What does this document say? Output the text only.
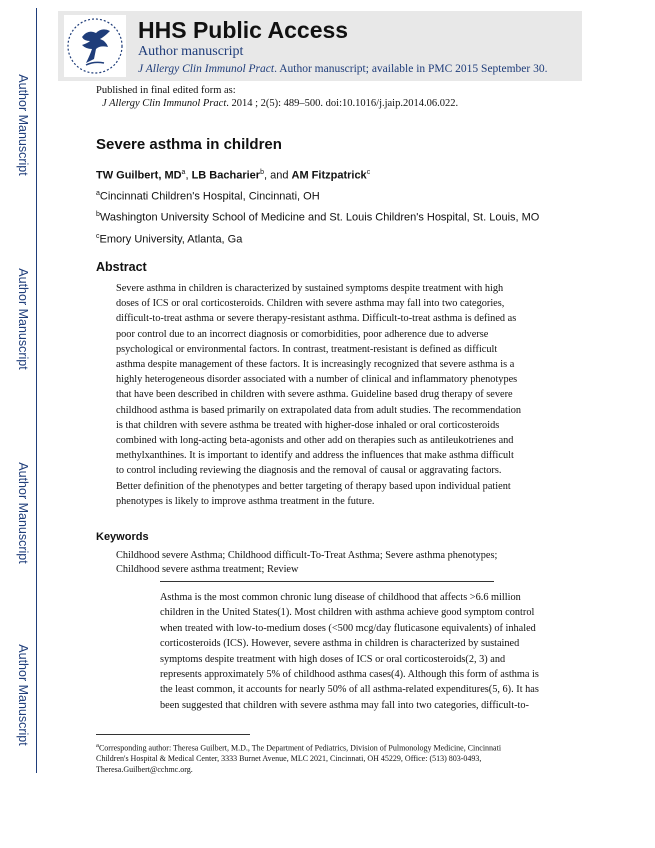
Author Manuscript
Author Manuscript
Author Manuscript
Author Manuscript
HHS Public Access
Author manuscript
J Allergy Clin Immunol Pract. Author manuscript; available in PMC 2015 September 30.
Published in final edited form as:
J Allergy Clin Immunol Pract. 2014 ; 2(5): 489–500. doi:10.1016/j.jaip.2014.06.022.
Severe asthma in children
TW Guilbert, $MD^a$, LB Bacharier$^b$, and AM Fitzpatrick$^c$
$^a$Cincinnati Children's Hospital, Cincinnati, OH
$^b$Washington University School of Medicine and St. Louis Children's Hospital, St. Louis, MO
$^c$Emory University, Atlanta, Ga
Abstract
Severe asthma in children is characterized by sustained symptoms despite treatment with high
doses of ICS or oral corticosteroids. Children with severe asthma may fall into two categories,
difficult-to-treat asthma or severe therapy-resistant asthma. Difficult-to-treat asthma is defined as
poor control due to an incorrect diagnosis or comorbidities, poor adherence due to adverse
psychological or environmental factors. In contrast, treatment-resistant is defined as difficult
asthma despite management of these factors. It is increasingly recognized that severe asthma is a
highly heterogeneous disorder associated with a number of clinical and inflammatory phenotypes
that have been described in children with severe asthma. Guideline based drug therapy of severe
childhood asthma is based primarily on extrapolated data from adult studies. The recommendation
is that children with severe asthma be treated with higher-dose inhaled or oral corticosteroids
combined with long-acting beta-agonists and other add on therapies such as antileukotrienes and
methylxanthines. It is important to identify and address the influences that make asthma difficult
to control including reviewing the diagnosis and the removal of causal or aggravating factors.
Better definition of the phenotypes and better targeting of therapy based upon individual patient
phenotypes is likely to improve asthma treatment in the future.
Keywords
Childhood severe Asthma; Childhood difficult-To-Treat Asthma; Severe asthma phenotypes;
Childhood severe asthma treatment; Review
Asthma is the most common chronic lung disease of childhood that affects >6.6 million
children in the United States(1). Most children with asthma achieve good symptom control
when treated with low-to-medium doses (<500 mcg/day fluticasone equivalents) of inhaled
corticosteroids (ICS). However, severe asthma in children is characterized by sustained
symptoms despite treatment with high doses of ICS or oral corticosteroids(2, 3) and
represents approximately 5% of childhood asthma cases(4). Although this form of asthma is
the least common, it accounts for nearly 50% of all asthma-related expenditures(5, 6). It has
been suggested that children with severe asthma may fall into two categories, difficult-to-
$^a$Corresponding author: Theresa Guilbert, M.D., The Department of Pediatrics, Division of Pulmonology Medicine, Cincinnati
Children's Hospital & Medical Center, 3333 Burnet Avenue, MLC 2021, Cincinnati, OH 45229, Office: (513) 803-0493,
Theresa.Guilbert@cchmc.org.
